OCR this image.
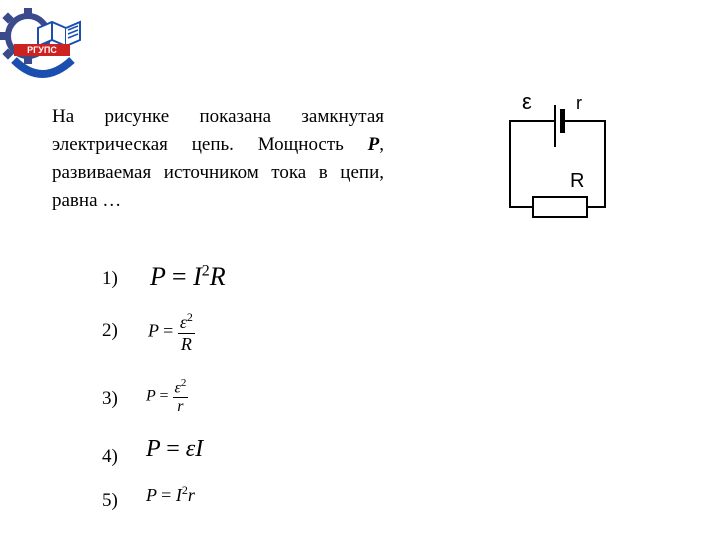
РГУПС

На рисунке показана замкнутая электрическая цепь. Мощность P, развиваемая источником тока в цепи, равна …

ε r
R
1) $P = I^2R$
2) $P = \frac{\varepsilon^2}{R}$
3) $P = \frac{\varepsilon^2}{r}$
4) P = εI
5) $P = I^2r$
